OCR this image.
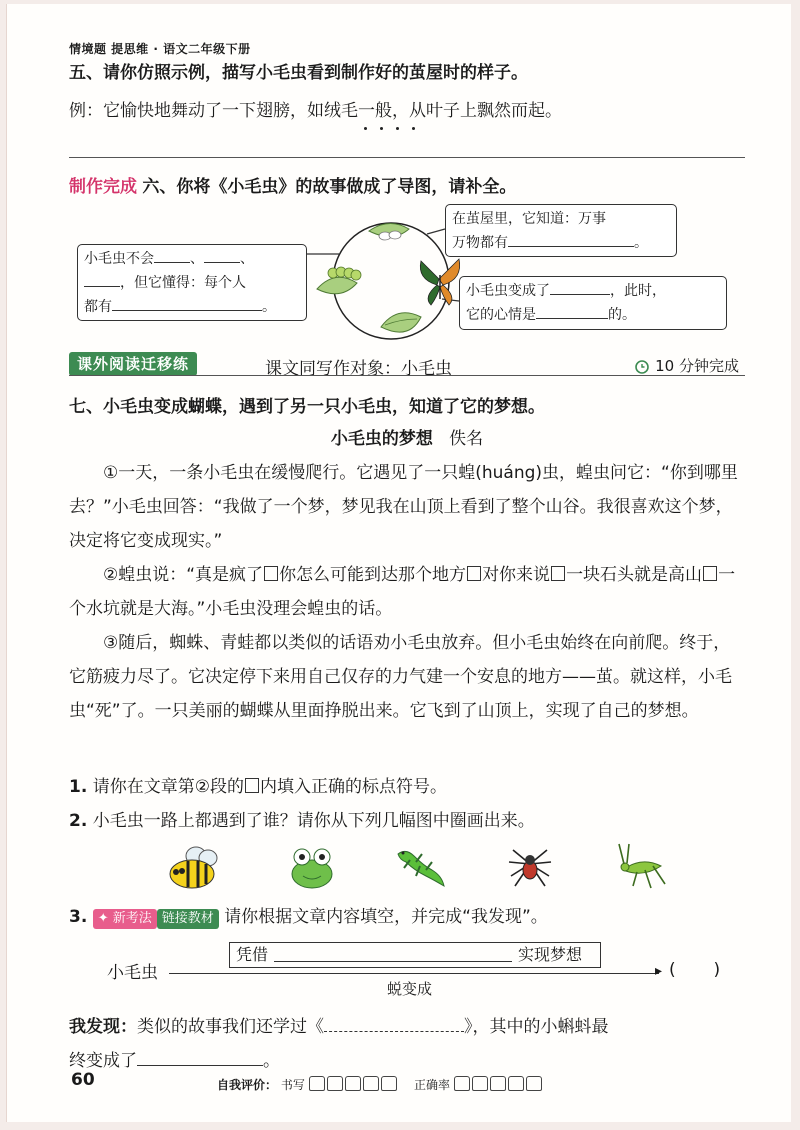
情境题 提思维 · 语文二年级下册
五、请你仿照示例，描写小毛虫看到制作好的茧屋时的样子。
例：它愉快地舞动了一下翅膀，如绒毛一般，从叶子上飘然而起。
制作完成 六、你将《小毛虫》的故事做成了导图，请补全。
小毛虫不会	、	、
，但它懂得：每个人
都有	。
在茧屋里，它知道：万事
万物都有	。
小毛虫变成了	，此时，
它的心情是	的。
课外阅读迁移练	课文同写作对象：小毛虫	10 分钟完成
七、小毛虫变成蝴蝶，遇到了另一只小毛虫，知道了它的梦想。
小毛虫的梦想 佚名

①一天，一条小毛虫在缓慢爬行。它遇见了一只蝗(huáng)虫，蝗虫问它：“你到哪里去？”小毛虫回答：“我做了一个梦，梦见我在山顶上看到了整个山谷。我很喜欢这个梦，决定将它变成现实。”

②蝗虫说：“真是疯了 你怎么可能到达那个地方 对你来说 一块石头就是高山 一个水坑就是大海。”小毛虫没理会蝗虫的话。

③随后，蜘蛛、青蛙都以类似的话语劝小毛虫放弃。但小毛虫始终在向前爬。终于，它筋疲力尽了。它决定停下来用自己仅存的力气建一个安息的地方——茧。就这样，小毛虫“死”了。一只美丽的蝴蝶从里面挣脱出来。它飞到了山顶上，实现了自己的梦想。

1. 请你在文章第②段的 内填入正确的标点符号。
2. 小毛虫一路上都遇到了谁？请你从下列几幅图中圈画出来。
3. ✦ 新考法 链接教材 请你根据文章内容填空，并完成“我发现”。
小毛虫	▸
凭借	实现梦想
(       )
蜕变成
我发现：类似的故事我们还学过《	》，其中的小蝌蚪最
终变成了	。
60	自我评价： 书写	正确率
